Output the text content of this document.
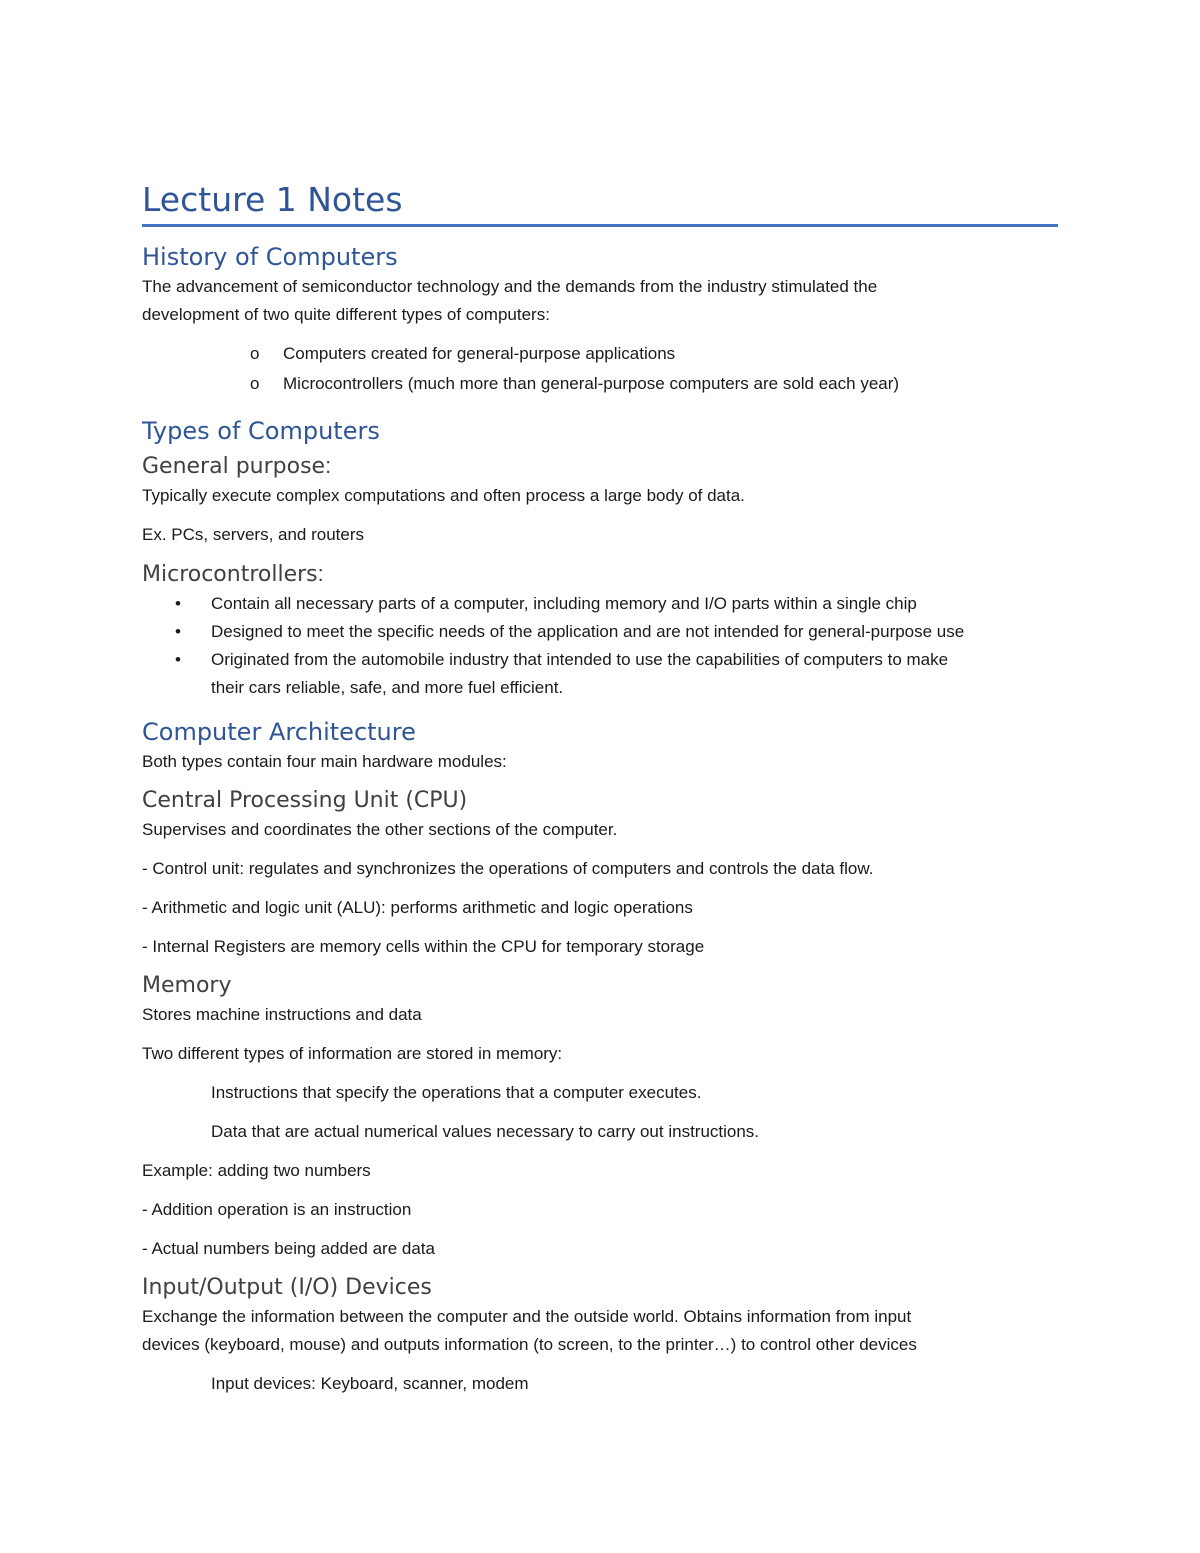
Lecture 1 Notes
History of Computers

The advancement of semiconductor technology and the demands from the industry stimulated the

development of two quite different types of computers:

o Computers created for general-purpose applications
o Microcontrollers (much more than general-purpose computers are sold each year)
Types of Computers
General purpose:

Typically execute complex computations and often process a large body of data.

Ex. PCs, servers, and routers

Microcontrollers:
• Contain all necessary parts of a computer, including memory and I/O parts within a single chip
• Designed to meet the specific needs of the application and are not intended for general-purpose use
• Originated from the automobile industry that intended to use the capabilities of computers to make
their cars reliable, safe, and more fuel efficient.
Computer Architecture

Both types contain four main hardware modules:

Central Processing Unit (CPU)

Supervises and coordinates the other sections of the computer.

- Control unit: regulates and synchronizes the operations of computers and controls the data flow.

- Arithmetic and logic unit (ALU): performs arithmetic and logic operations

- Internal Registers are memory cells within the CPU for temporary storage

Memory

Stores machine instructions and data

Two different types of information are stored in memory:

Instructions that specify the operations that a computer executes.

Data that are actual numerical values necessary to carry out instructions.

Example: adding two numbers

- Addition operation is an instruction

- Actual numbers being added are data

Input/Output (I/O) Devices

Exchange the information between the computer and the outside world. Obtains information from input

devices (keyboard, mouse) and outputs information (to screen, to the printer…) to control other devices

Input devices: Keyboard, scanner, modem
